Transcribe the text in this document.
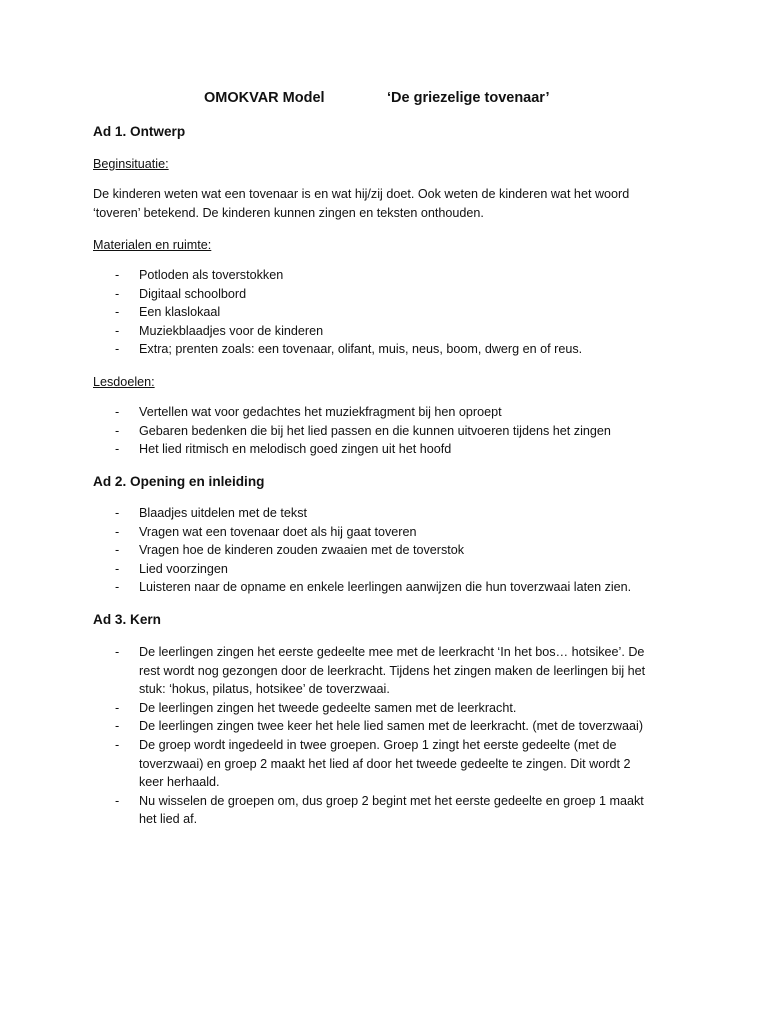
OMOKVAR Model	‘De griezelige tovenaar’
Ad 1. Ontwerp
Beginsituatie:
De kinderen weten wat een tovenaar is en wat hij/zij doet. Ook weten de kinderen wat het woord
‘toveren’ betekend. De kinderen kunnen zingen en teksten onthouden.
Materialen en ruimte:
- Potloden als toverstokken
- Digitaal schoolbord
- Een klaslokaal
- Muziekblaadjes voor de kinderen
- Extra; prenten zoals: een tovenaar, olifant, muis, neus, boom, dwerg en of reus.
Lesdoelen:
- Vertellen wat voor gedachtes het muziekfragment bij hen oproept
- Gebaren bedenken die bij het lied passen en die kunnen uitvoeren tijdens het zingen
- Het lied ritmisch en melodisch goed zingen uit het hoofd
Ad 2. Opening en inleiding
- Blaadjes uitdelen met de tekst
- Vragen wat een tovenaar doet als hij gaat toveren
- Vragen hoe de kinderen zouden zwaaien met de toverstok
- Lied voorzingen
- Luisteren naar de opname en enkele leerlingen aanwijzen die hun toverzwaai laten zien.
Ad 3. Kern
- De leerlingen zingen het eerste gedeelte mee met de leerkracht ‘In het bos… hotsikee’. De
rest wordt nog gezongen door de leerkracht. Tijdens het zingen maken de leerlingen bij het
stuk: ‘hokus, pilatus, hotsikee’ de toverzwaai.
- De leerlingen zingen het tweede gedeelte samen met de leerkracht.
- De leerlingen zingen twee keer het hele lied samen met de leerkracht. (met de toverzwaai)
- De groep wordt ingedeeld in twee groepen. Groep 1 zingt het eerste gedeelte (met de
toverzwaai) en groep 2 maakt het lied af door het tweede gedeelte te zingen. Dit wordt 2
keer herhaald.
- Nu wisselen de groepen om, dus groep 2 begint met het eerste gedeelte en groep 1 maakt
het lied af.
